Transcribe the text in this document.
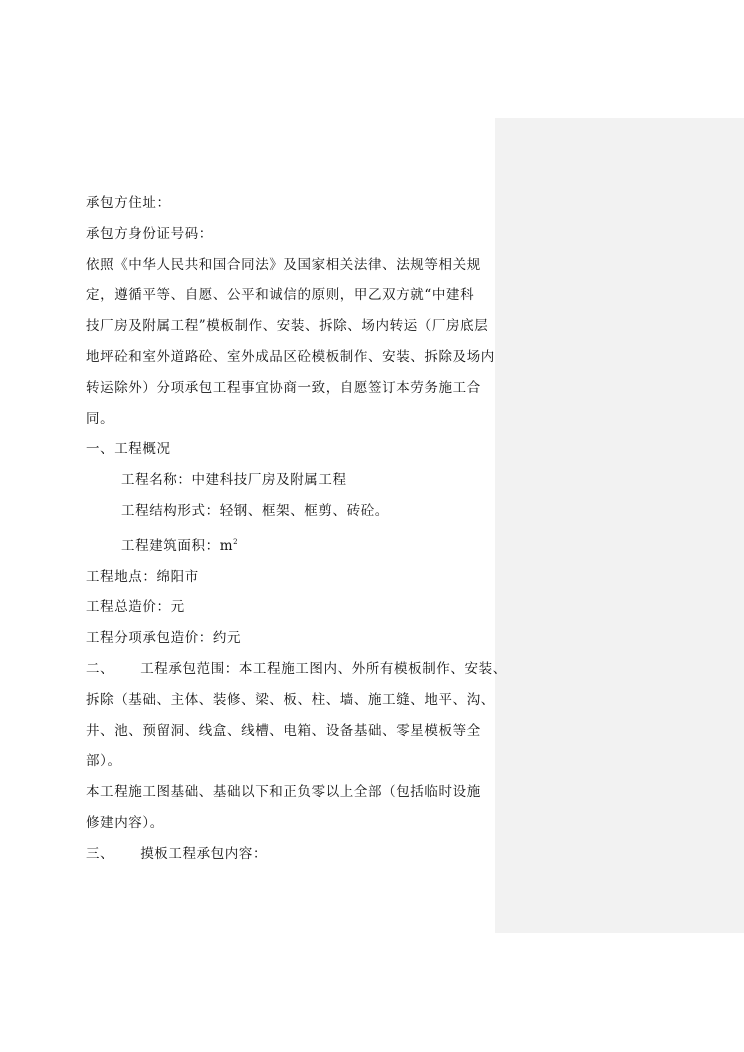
承包方住址：

承包方身份证号码：

依照《中华人民共和国合同法》及国家相关法律、法规等相关规

定，遵循平等、自愿、公平和诚信的原则，甲乙双方就“中建科

技厂房及附属工程”模板制作、安装、拆除、场内转运（厂房底层

地坪砼和室外道路砼、室外成品区砼模板制作、安装、拆除及场内

转运除外）分项承包工程事宜协商一致，自愿签订本劳务施工合

同。

一、工程概况

工程名称：中建科技厂房及附属工程

工程结构形式：轻钢、框架、框剪、砖砼。

工程建筑面积：$m^2$

工程地点：绵阳市

工程总造价：元

工程分项承包造价：约元

二、 工程承包范围：本工程施工图内、外所有模板制作、安装、

拆除（基础、主体、装修、梁、板、柱、墙、施工缝、地平、沟、

井、池、预留洞、线盒、线槽、电箱、设备基础、零星模板等全

部）。

本工程施工图基础、基础以下和正负零以上全部（包括临时设施

修建内容）。

三、 摸板工程承包内容：
